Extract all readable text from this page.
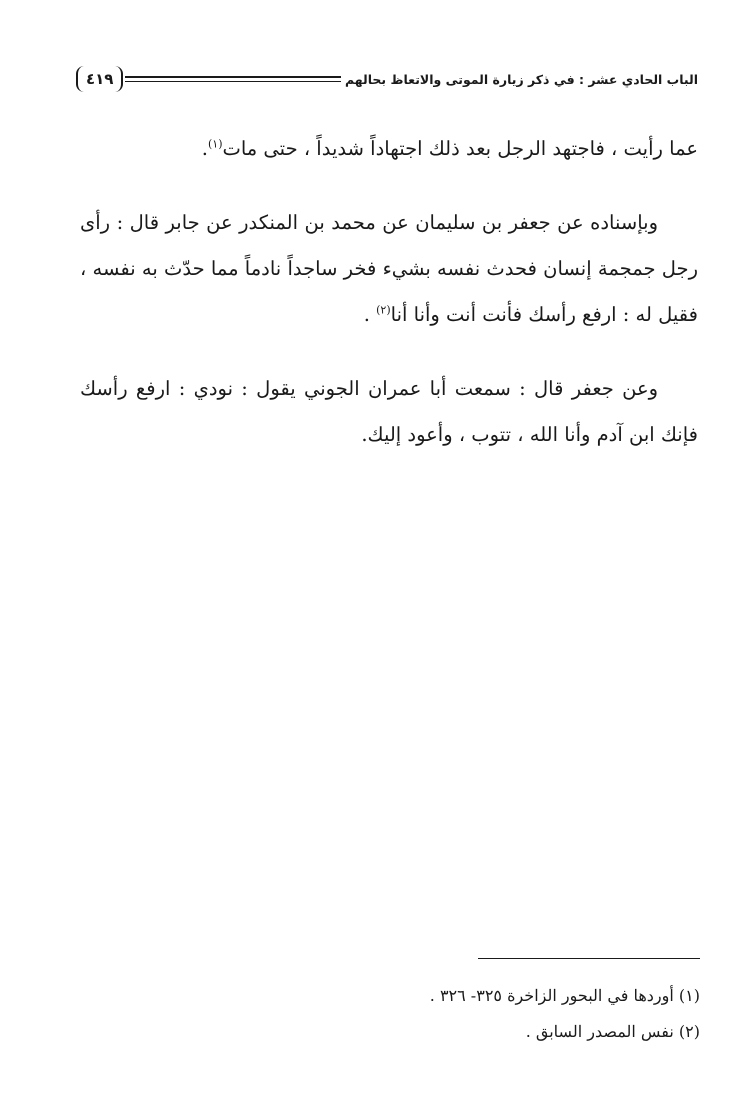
الباب الحادي عشر : في ذكر زيارة الموتى والاتعاظ بحالهم
٤١٩

عما رأيت ، فاجتهد الرجل بعد ذلك اجتهاداً شديداً ، حتى مات$^{(١)}$.

وبإسناده عن جعفر بن سليمان عن محمد بن المنكدر عن جابر قال : رأى رجل جمجمة إنسان فحدث نفسه بشيء فخر ساجداً نادماً مما حدّث به نفسه ، فقيل له : ارفع رأسك فأنت أنت وأنا أنا$^{(٢)}$ .

وعن جعفر قال : سمعت أبا عمران الجوني يقول : نودي : ارفع رأسك فإنك ابن آدم وأنا الله ، تتوب ، وأعود إليك.

(١) أوردها في البحور الزاخرة ٣٢٥- ٣٢٦ .

(٢) نفس المصدر السابق .
